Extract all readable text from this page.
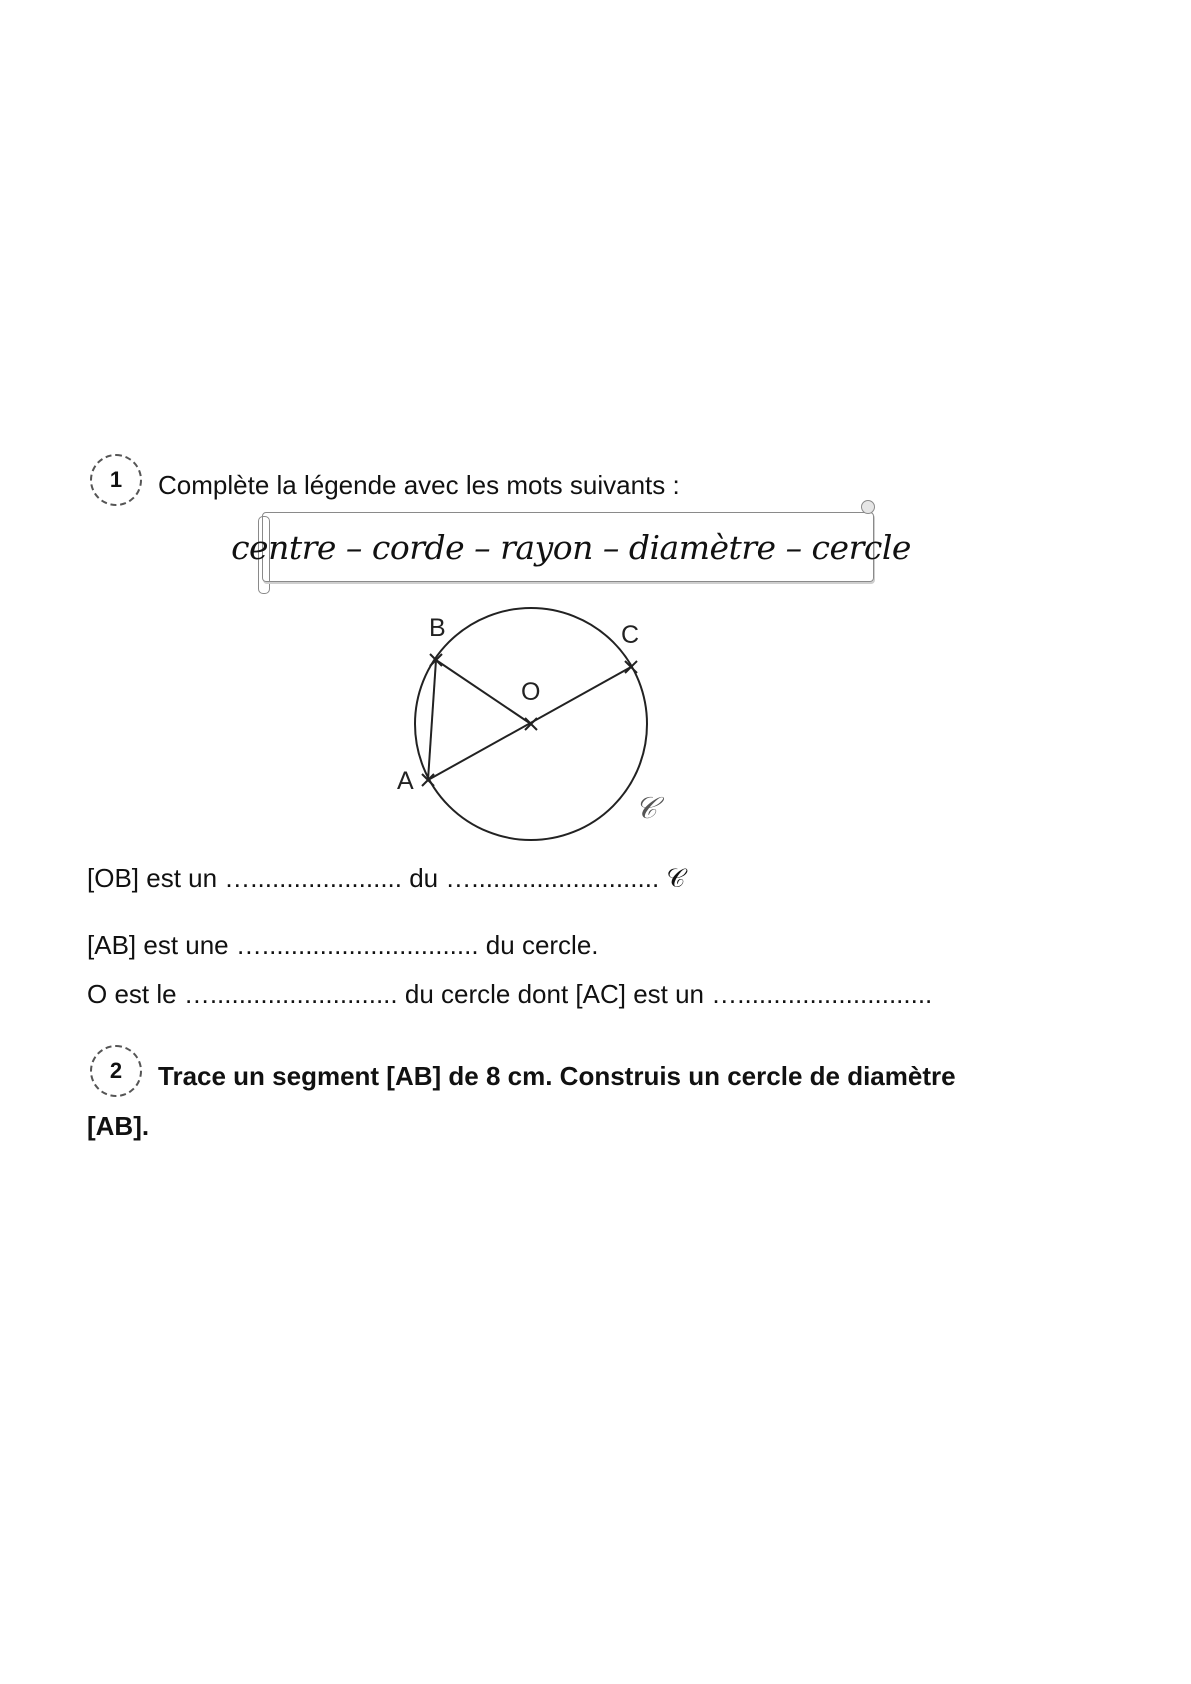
1 Complète la légende avec les mots suivants :
centre – corde – rayon – diamètre – cercle
B	C
O
A
𝒞
[OB] est un …..................... du ….......................... 𝒞
[AB] est une ….............................. du cercle.
O est le ….......................... du cercle dont [AC] est un …...........................
2 Trace un segment [AB] de 8 cm. Construis un cercle de diamètre
[AB].
